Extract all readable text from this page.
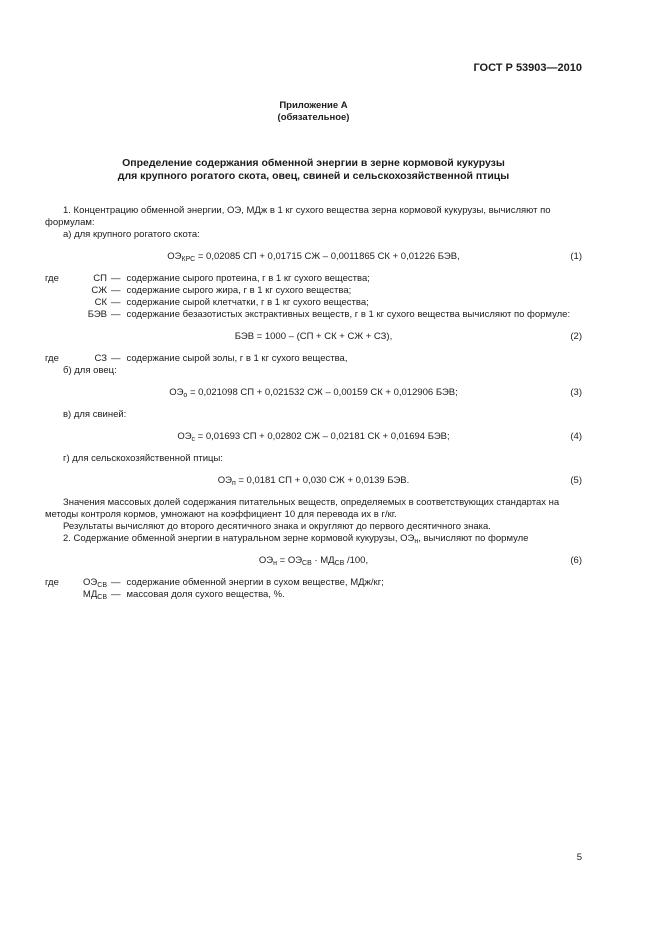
ГОСТ Р 53903—2010
Приложение А
(обязательное)
Определение содержания обменной энергии в зерне кормовой кукурузы
для крупного рогатого скота, овец, свиней и сельскохозяйственной птицы

1. Концентрацию обменной энергии, ОЭ, МДж в 1 кг сухого вещества зерна кормовой кукурузы, вычисляют по формулам:

а) для крупного рогатого скота:

$ОЭ_{КРС} = 0,02085$ СП + 0,01715 СЖ – 0,0011865 СК + 0,01226 БЭВ,	(1)
где	СП — содержание сырого протеина, г в 1 кг сухого вещества;
СЖ — содержание сырого жира, г в 1 кг сухого вещества;
СК — содержание сырой клетчатки, г в 1 кг сухого вещества;
БЭВ — содержание безазотистых экстрактивных веществ, г в 1 кг сухого вещества вычисляют по формуле:
БЭВ = 1000 – (СП + СК + СЖ + СЗ),	(2)
где	СЗ — содержание сырой золы, г в 1 кг сухого вещества,

б) для овец:

$ОЭ_о = 0,021098$ СП + 0,021532 СЖ – 0,00159 СК + 0,012906 БЭВ;	(3)

в) для свиней:

$ОЭ_с = 0,01693$ СП + 0,02802 СЖ – 0,02181 СК + 0,01694 БЭВ;	(4)

г) для сельскохозяйственной птицы:

$ОЭ_п = 0,0181$ СП + 0,030 СЖ + 0,0139 БЭВ.	(5)

Значения массовых долей содержания питательных веществ, определяемых в соответствующих стандартах на методы контроля кормов, умножают на коэффициент 10 для перевода их в г/кг.

Результаты вычисляют до второго десятичного знака и округляют до первого десятичного знака.

2. Содержание обменной энергии в натуральном зерне кормовой кукурузы, $ОЭ_н$, вычисляют по формуле

$ОЭ_н = ОЭ_{СВ} \cdot МД_{СВ}$ /100,	(6)
где	$ОЭ_{СВ}$ — содержание обменной энергии в сухом веществе, МДж/кг;
$МД_{СВ}$ — массовая доля сухого вещества, %.
5
